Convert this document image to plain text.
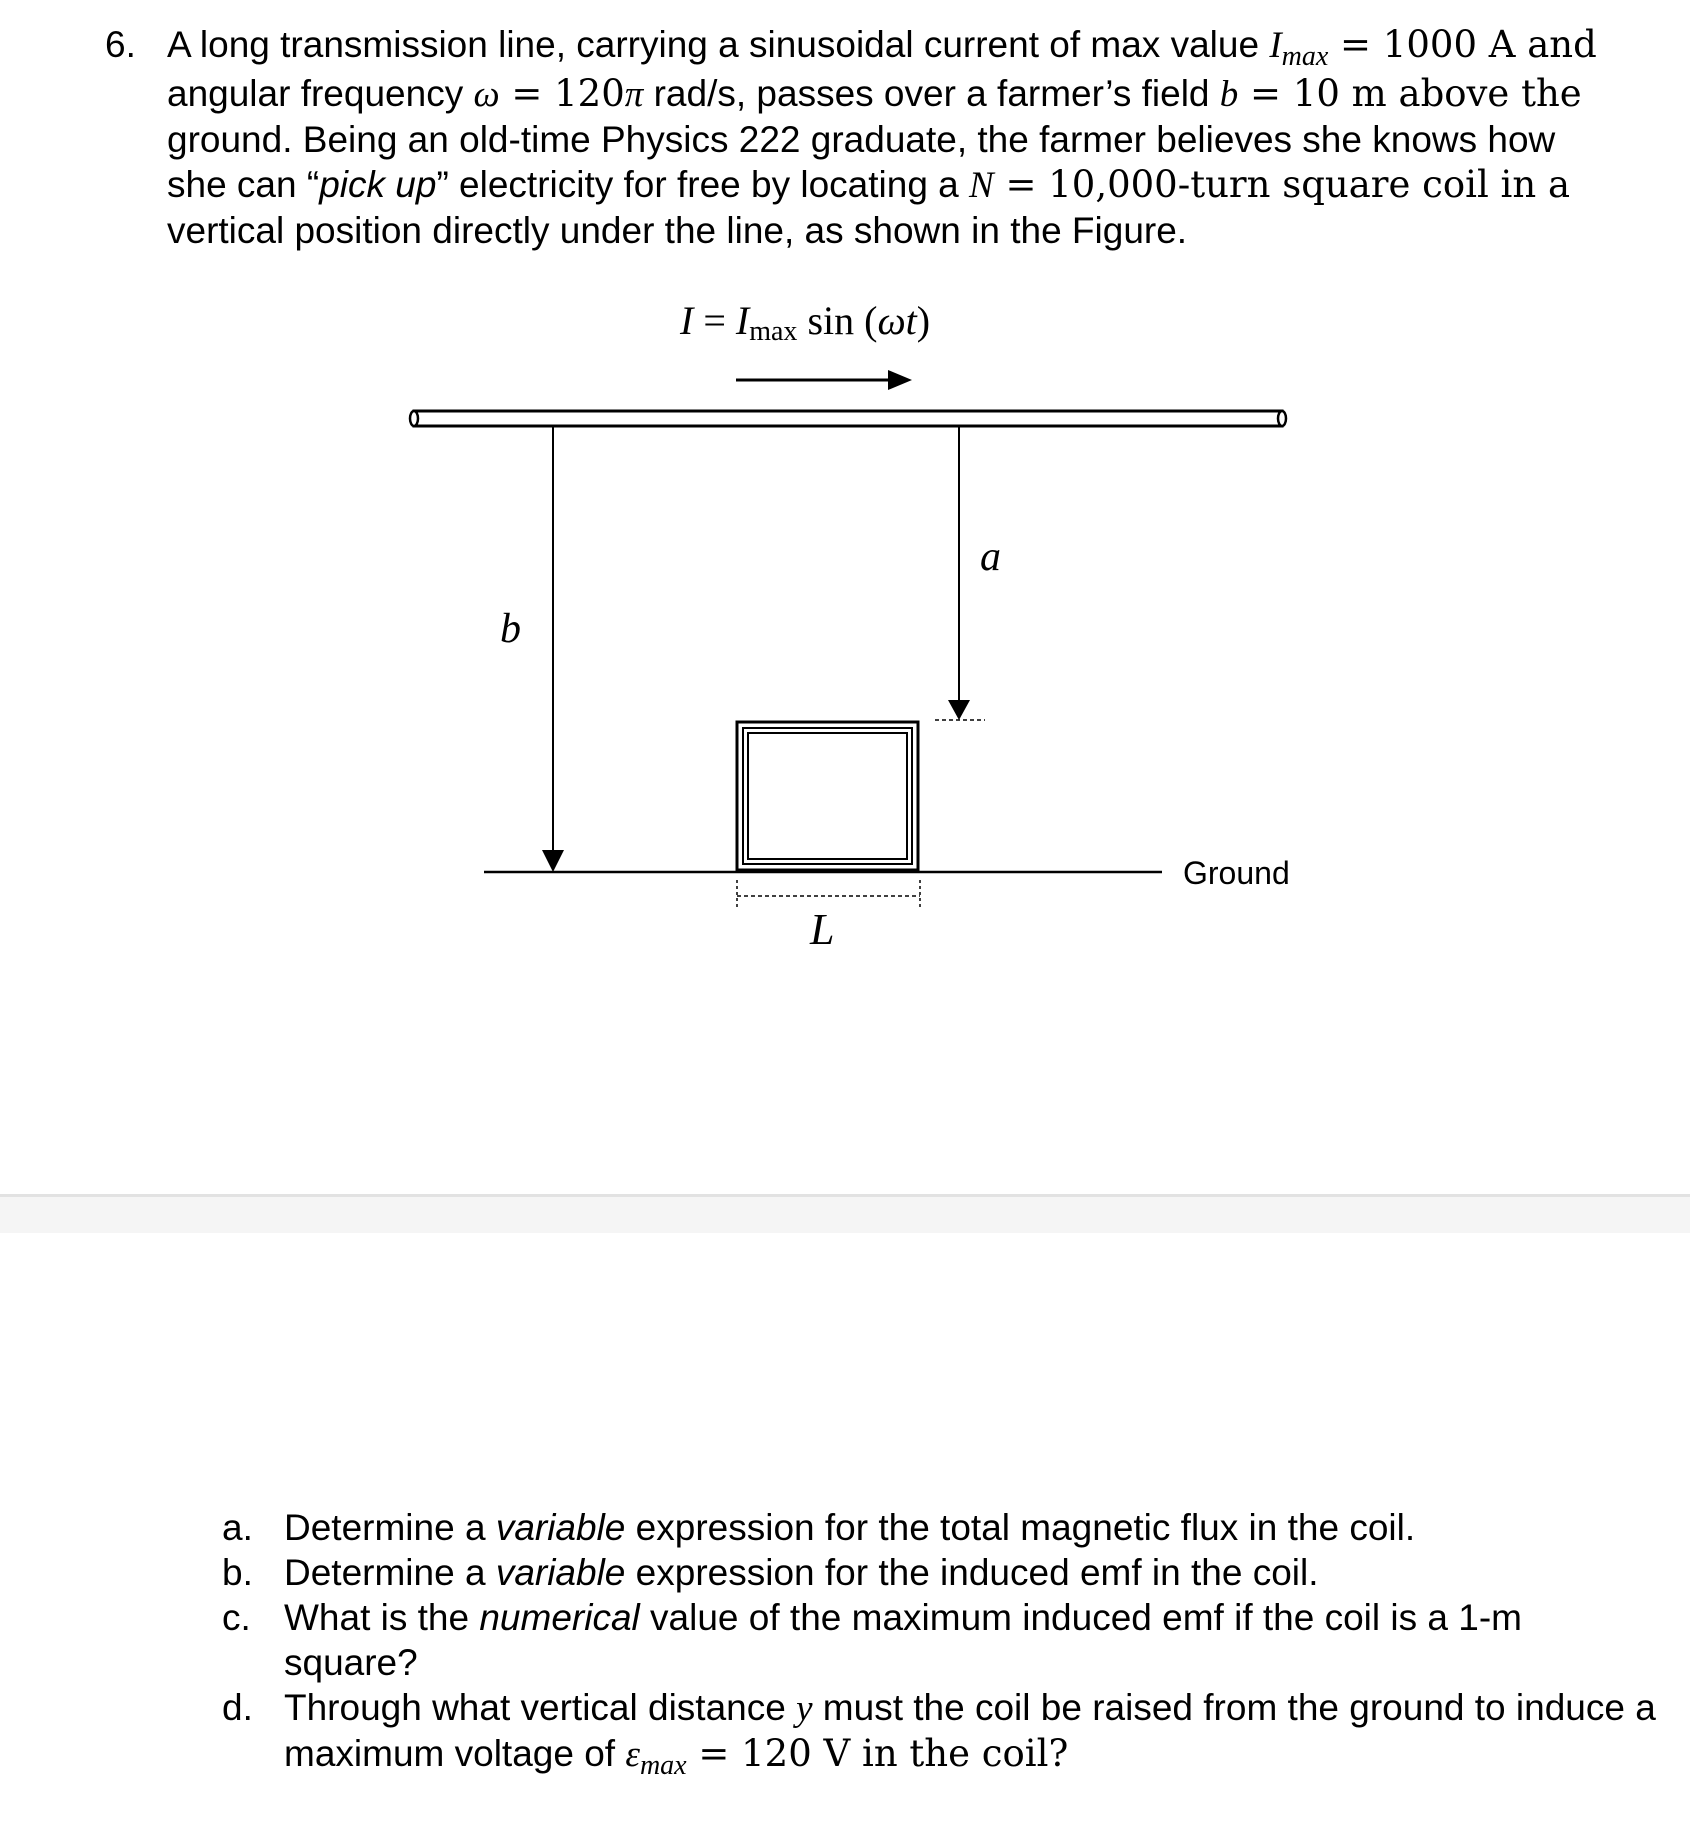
6. A long transmission line, carrying a sinusoidal current of max value $I_{max} = 1000$ A and
angular frequency ω = 120π rad/s, passes over a farmer’s field b = 10 m above the
ground. Being an old-time Physics 222 graduate, the farmer believes she knows how
she can “pick up” electricity for free by locating a N = 10,000-turn square coil in a
vertical position directly under the line, as shown in the Figure.
I = Imax sin (ωt)
b
a
Ground
L
a. Determine a variable expression for the total magnetic flux in the coil.
b. Determine a variable expression for the induced emf in the coil.
c. What is the numerical value of the maximum induced emf if the coil is a 1-m square?
d. Through what vertical distance y must the coil be raised from the ground to induce a maximum voltage of $\varepsilon_{max} = 120$ V in the coil?
